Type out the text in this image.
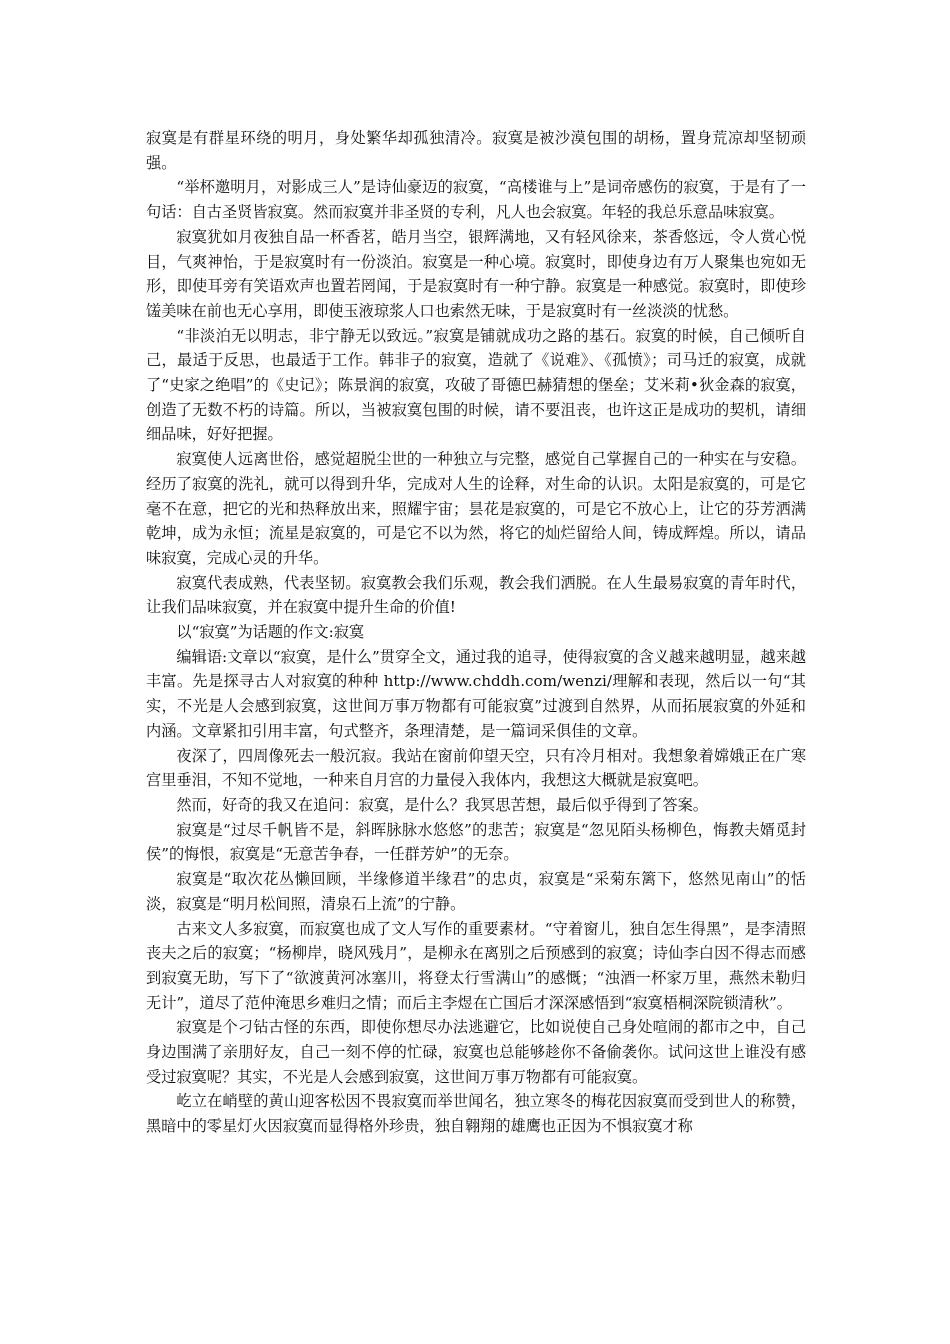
寂寞是有群星环绕的明月，身处繁华却孤独清冷。寂寞是被沙漠包围的胡杨，置身荒凉却坚韧顽强。

“举杯邀明月，对影成三人”是诗仙豪迈的寂寞，“高楼谁与上”是词帝感伤的寂寞，于是有了一句话：自古圣贤皆寂寞。然而寂寞并非圣贤的专利，凡人也会寂寞。年轻的我总乐意品味寂寞。

寂寞犹如月夜独自品一杯香茗，皓月当空，银辉满地，又有轻风徐来，茶香悠远，令人赏心悦目，气爽神怡，于是寂寞时有一份淡泊。寂寞是一种心境。寂寞时，即使身边有万人聚集也宛如无形，即使耳旁有笑语欢声也置若罔闻，于是寂寞时有一种宁静。寂寞是一种感觉。寂寞时，即使珍馐美味在前也无心享用，即使玉液琼浆人口也索然无味，于是寂寞时有一丝淡淡的忧愁。

“非淡泊无以明志，非宁静无以致远。”寂寞是铺就成功之路的基石。寂寞的时候，自己倾听自己，最适于反思，也最适于工作。韩非子的寂寞，造就了《说难》、《孤愤》；司马迁的寂寞，成就了“史家之绝唱”的《史记》；陈景润的寂寞，攻破了哥德巴赫猜想的堡垒；艾米莉•狄金森的寂寞，创造了无数不朽的诗篇。所以，当被寂寞包围的时候，请不要沮丧，也许这正是成功的契机，请细细品味，好好把握。

寂寞使人远离世俗，感觉超脱尘世的一种独立与完整，感觉自己掌握自己的一种实在与安稳。经历了寂寞的洗礼，就可以得到升华，完成对人生的诠释，对生命的认识。太阳是寂寞的，可是它毫不在意，把它的光和热释放出来，照耀宇宙；昙花是寂寞的，可是它不放心上，让它的芬芳洒满乾坤，成为永恒；流星是寂寞的，可是它不以为然，将它的灿烂留给人间，铸成辉煌。所以，请品味寂寞，完成心灵的升华。

寂寞代表成熟，代表坚韧。寂寞教会我们乐观，教会我们洒脱。在人生最易寂寞的青年时代，让我们品味寂寞，并在寂寞中提升生命的价值!

以“寂寞”为话题的作文:寂寞

编辑语:文章以“寂寞，是什么”贯穿全文，通过我的追寻，使得寂寞的含义越来越明显，越来越丰富。先是探寻古人对寂寞的种种 http://www.chddh.com/wenzi/理解和表现，然后以一句“其实，不光是人会感到寂寞，这世间万事万物都有可能寂寞”过渡到自然界，从而拓展寂寞的外延和内涵。文章紧扣引用丰富，句式整齐，条理清楚，是一篇词采俱佳的文章。

夜深了，四周像死去一般沉寂。我站在窗前仰望天空，只有冷月相对。我想象着嫦娥正在广寒宫里垂泪，不知不觉地，一种来自月宫的力量侵入我体内，我想这大概就是寂寞吧。

然而，好奇的我又在追问：寂寞，是什么？我冥思苦想，最后似乎得到了答案。

寂寞是“过尽千帆皆不是，斜晖脉脉水悠悠”的悲苦；寂寞是“忽见陌头杨柳色，悔教夫婿觅封侯”的悔恨，寂寞是“无意苦争春，一任群芳妒”的无奈。

寂寞是“取次花丛懒回顾，半缘修道半缘君”的忠贞，寂寞是“采菊东篱下，悠然见南山”的恬淡，寂寞是“明月松间照，清泉石上流”的宁静。

古来文人多寂寞，而寂寞也成了文人写作的重要素材。“守着窗儿，独自怎生得黑”，是李清照丧夫之后的寂寞；“杨柳岸，晓风残月”，是柳永在离别之后预感到的寂寞；诗仙李白因不得志而感到寂寞无助，写下了“欲渡黄河冰塞川，将登太行雪满山”的感慨；“浊酒一杯家万里，燕然未勒归无计”，道尽了范仲淹思乡难归之情；而后主李煜在亡国后才深深感悟到“寂寞梧桐深院锁清秋”。

寂寞是个刁钻古怪的东西，即使你想尽办法逃避它，比如说使自己身处喧闹的都市之中，自己身边围满了亲朋好友，自己一刻不停的忙碌，寂寞也总能够趁你不备偷袭你。试问这世上谁没有感受过寂寞呢？其实，不光是人会感到寂寞，这世间万事万物都有可能寂寞。

屹立在峭壁的黄山迎客松因不畏寂寞而举世闻名，独立寒冬的梅花因寂寞而受到世人的称赞，黑暗中的零星灯火因寂寞而显得格外珍贵，独自翱翔的雄鹰也正因为不惧寂寞才称
